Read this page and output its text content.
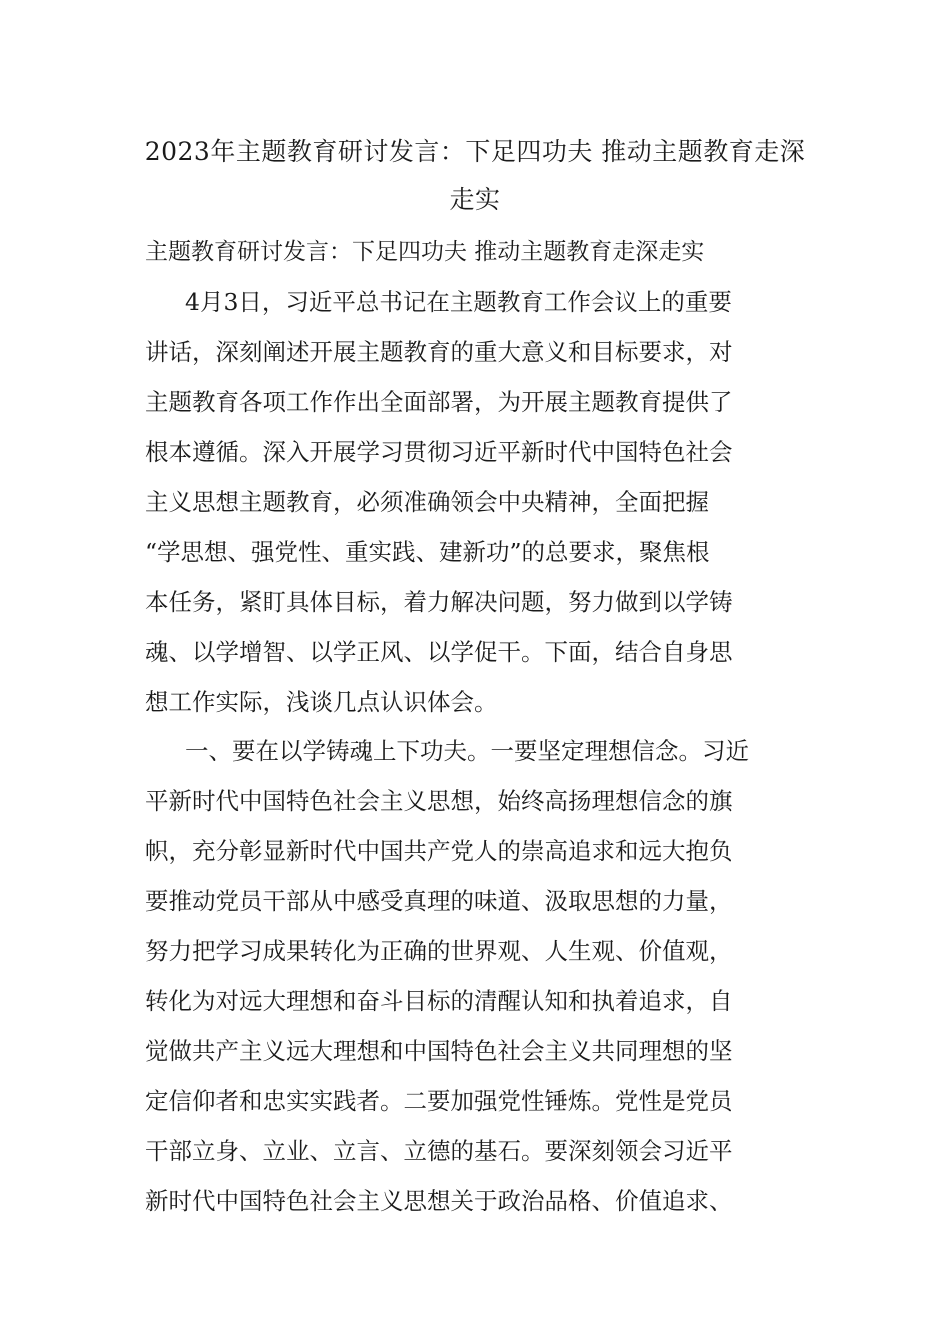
2023年主题教育研讨发言：下足四功夫 推动主题教育走深走实
主题教育研讨发言：下足四功夫 推动主题教育走深走实
4月3日，习近平总书记在主题教育工作会议上的重要
讲话，深刻阐述开展主题教育的重大意义和目标要求，对
主题教育各项工作作出全面部署，为开展主题教育提供了
根本遵循。深入开展学习贯彻习近平新时代中国特色社会
主义思想主题教育，必须准确领会中央精神，全面把握
“学思想、强党性、重实践、建新功”的总要求，聚焦根
本任务，紧盯具体目标，着力解决问题，努力做到以学铸
魂、以学增智、以学正风、以学促干。下面，结合自身思
想工作实际，浅谈几点认识体会。
一、要在以学铸魂上下功夫。一要坚定理想信念。习近
平新时代中国特色社会主义思想，始终高扬理想信念的旗
帜，充分彰显新时代中国共产党人的崇高追求和远大抱负
要推动党员干部从中感受真理的味道、汲取思想的力量，
努力把学习成果转化为正确的世界观、人生观、价值观，
转化为对远大理想和奋斗目标的清醒认知和执着追求，自
觉做共产主义远大理想和中国特色社会主义共同理想的坚
定信仰者和忠实实践者。二要加强党性锤炼。党性是党员
干部立身、立业、立言、立德的基石。要深刻领会习近平
新时代中国特色社会主义思想关于政治品格、价值追求、
